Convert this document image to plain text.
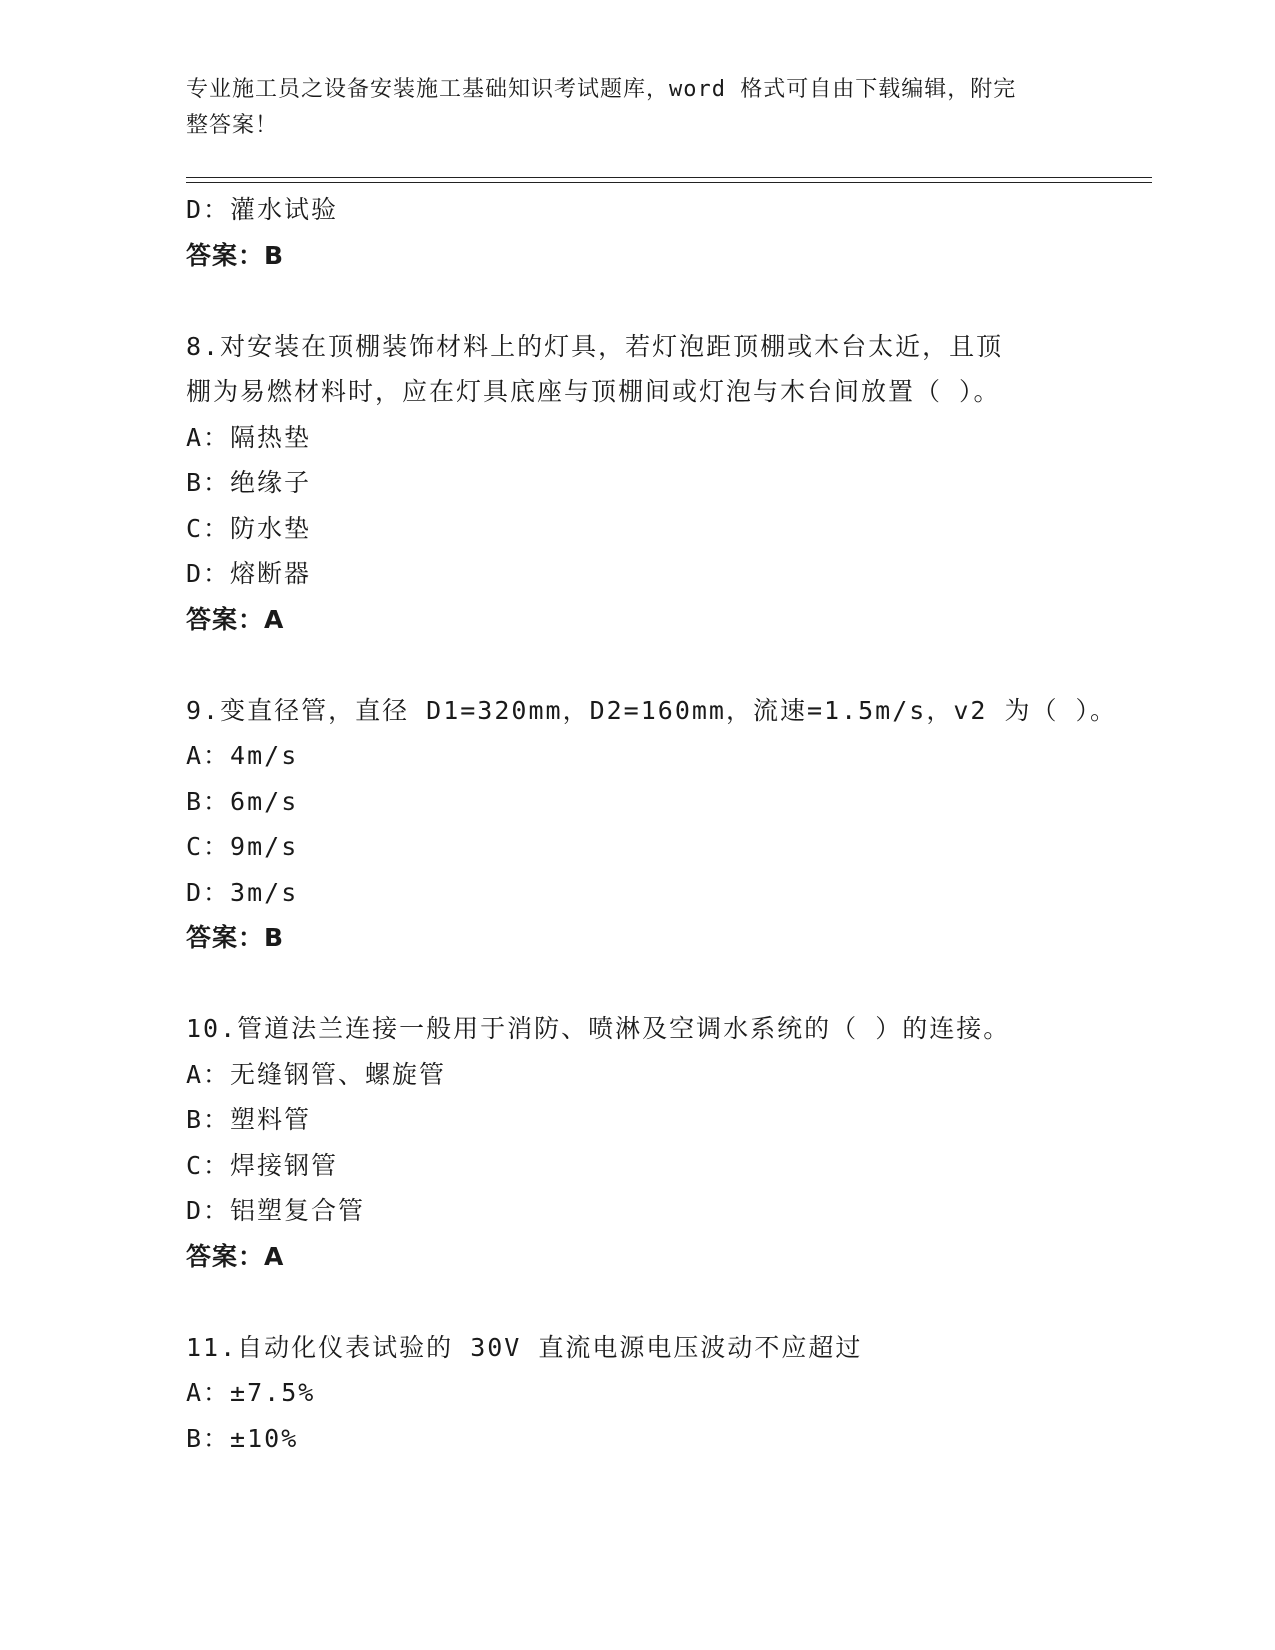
专业施工员之设备安装施工基础知识考试题库，word 格式可自由下载编辑，附完
整答案！
D：灌水试验
答案：B
8.对安装在顶棚装饰材料上的灯具，若灯泡距顶棚或木台太近，且顶
棚为易燃材料时，应在灯具底座与顶棚间或灯泡与木台间放置（ ）。
A：隔热垫
B：绝缘子
C：防水垫
D：熔断器
答案：A
9.变直径管，直径 D1=320mm，D2=160mm，流速=1.5m/s，v2 为（ ）。
A：4m/s
B：6m/s
C：9m/s
D：3m/s
答案：B
10.管道法兰连接一般用于消防、喷淋及空调水系统的（ ）的连接。
A：无缝钢管、螺旋管
B：塑料管
C：焊接钢管
D：铝塑复合管
答案：A
11.自动化仪表试验的 30V 直流电源电压波动不应超过
A：±7.5%
B：±10%
